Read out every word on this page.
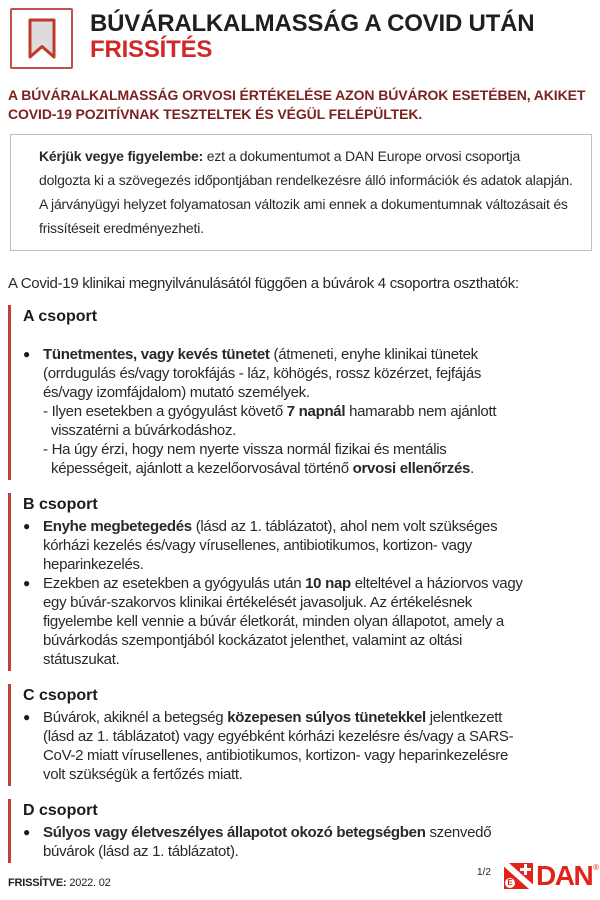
BÚVÁRALKALMASSÁG A COVID UTÁN
FRISSÍTÉS

A BÚVÁRALKALMASSÁG ORVOSI ÉRTÉKELÉSE AZON BÚVÁROK ESETÉBEN, AKIKET COVID-19 POZITÍVNAK TESZTELTEK ÉS VÉGÜL FELÉPÜLTEK.

Kérjük vegye figyelembe: ezt a dokumentumot a DAN Europe orvosi csoportja dolgozta ki a szövegezés időpontjában rendelkezésre álló információk és adatok alapján. A járványügyi helyzet folyamatosan változik ami ennek a dokumentumnak változásait és frissítéseit eredményezheti.

A Covid-19 klinikai megnyilvánulásától függően a búvárok 4 csoportra oszthatók:

A csoport
● Tünetmentes, vagy kevés tünetet (átmeneti, enyhe klinikai tünetek (orrdugulás és/vagy torokfájás - láz, köhögés, rossz közérzet, fejfájás és/vagy izomfájdalom) mutató személyek.

- Ilyen esetekben a gyógyulást követő 7 napnál hamarabb nem ajánlott visszatérni a búvárkodáshoz.

- Ha úgy érzi, hogy nem nyerte vissza normál fizikai és mentális képességeit, ajánlott a kezelőorvosával történő orvosi ellenőrzés.

B csoport
● Enyhe megbetegedés (lásd az 1. táblázatot), ahol nem volt szükséges kórházi kezelés és/vagy vírusellenes, antibiotikumos, kortizon- vagy heparinkezelés.

● Ezekben az esetekben a gyógyulás után 10 nap elteltével a háziorvos vagy egy búvár-szakorvos klinikai értékelését javasoljuk. Az értékelésnek figyelembe kell vennie a búvár életkorát, minden olyan állapotot, amely a búvárkodás szempontjából kockázatot jelenthet, valamint az oltási státuszukat.

C csoport
● Búvárok, akiknél a betegség közepesen súlyos tünetekkel jelentkezett (lásd az 1. táblázatot) vagy egyébként kórházi kezelésre és/vagy a SARS-CoV-2 miatt vírusellenes, antibiotikumos, kortizon- vagy heparinkezelésre volt szükségük a fertőzés miatt.

D csoport
● Súlyos vagy életveszélyes állapotot okozó betegségben szenvedő búvárok (lásd az 1. táblázatot).

FRISSÍTVE: 2022. 02

1/2
E DAN ®
